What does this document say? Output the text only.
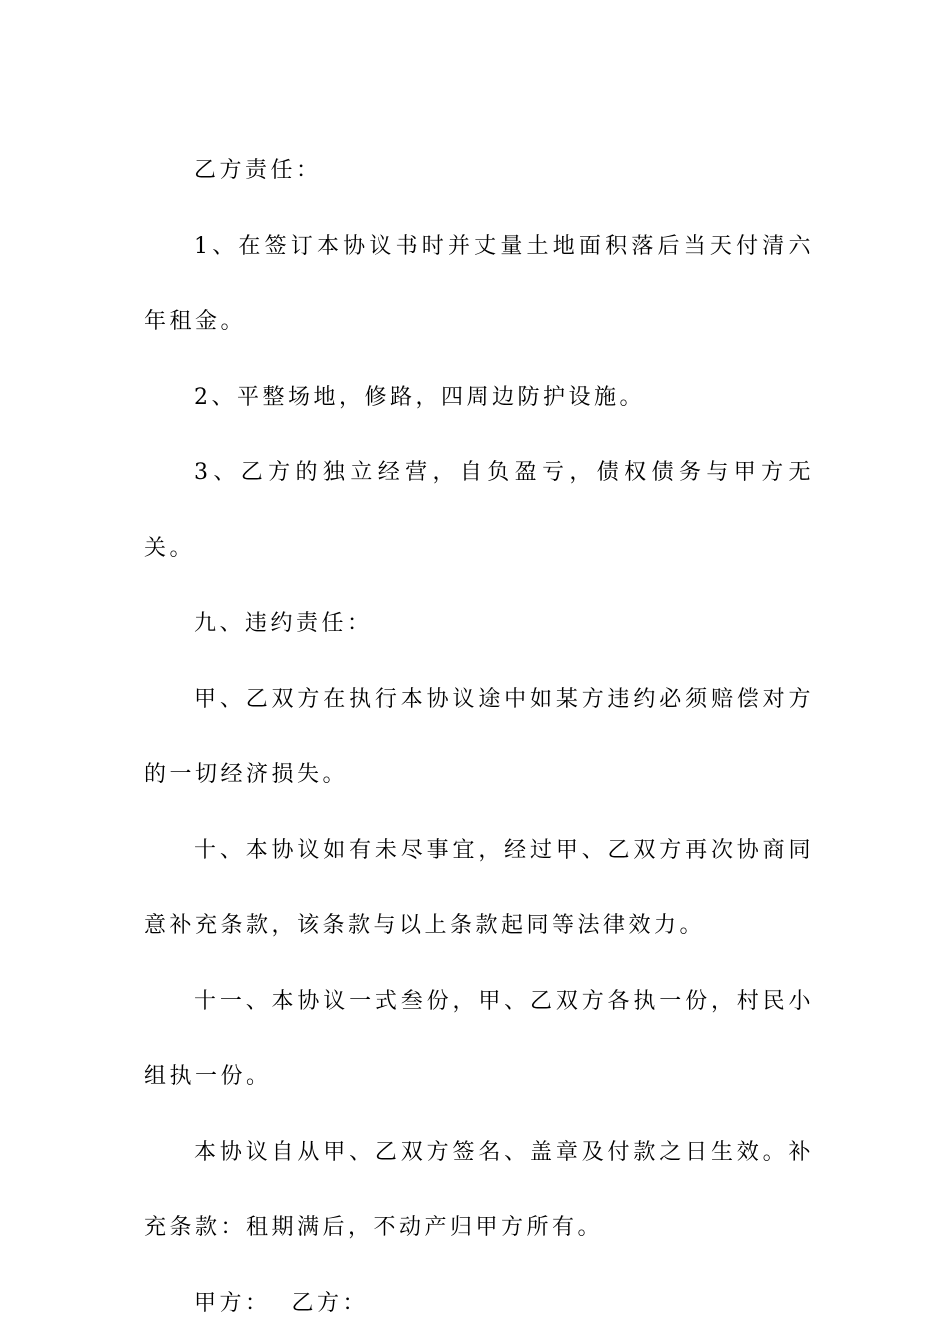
乙方责任：

1、在签订本协议书时并丈量土地面积落后当天付清六年租金。

2、平整场地，修路，四周边防护设施。

3、乙方的独立经营，自负盈亏，债权债务与甲方无关。

九、违约责任：

甲、乙双方在执行本协议途中如某方违约必须赔偿对方的一切经济损失。

十、本协议如有未尽事宜，经过甲、乙双方再次协商同意补充条款，该条款与以上条款起同等法律效力。

十一、本协议一式叁份，甲、乙双方各执一份，村民小组执一份。

本协议自从甲、乙双方签名、盖章及付款之日生效。补充条款：租期满后，不动产归甲方所有。

甲方：  乙方：
